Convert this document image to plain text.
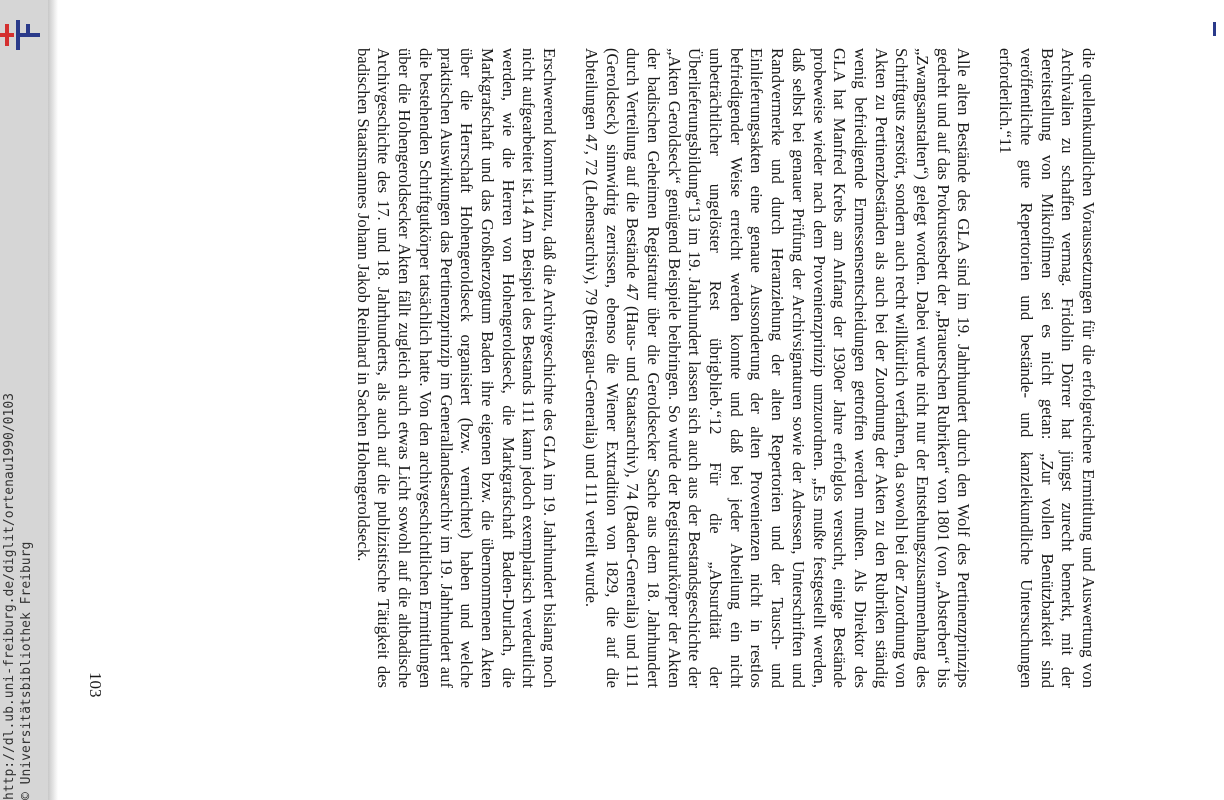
http://dl.ub.uni-freiburg.de/diglit/ortenau1990/0103 © Universitätsbibliothek Freiburg	die quellenkundlichen Voraussetzungen für die erfolgreichere Ermittlung und Auswertung von Archivalien zu schaffen vermag. Fridolin Dörrer hat jüngst zurecht bemerkt, mit der Bereitstellung von Mikrofilmen sei es nicht getan: „Zur vollen Benützbarkeit sind veröffentlichte gute Repertorien und bestände- und kanzleikundliche Untersuchungen erforderlich.“11

Alle alten Bestände des GLA sind im 19. Jahrhundert durch den Wolf des Pertinenzprinzips gedreht und auf das Prokrustesbett der „Brauerschen Rubriken“ von 1801 (von „Absterben“ bis „Zwangsanstalten“) gelegt worden. Dabei wurde nicht nur der Entstehungszusammenhang des Schriftguts zerstört, sondern auch recht willkürlich verfahren, da sowohl bei der Zuordnung von Akten zu Pertinenzbeständen als auch bei der Zuordnung der Akten zu den Rubriken ständig wenig befriedigende Ermessensentscheidungen getroffen werden mußten. Als Direktor des GLA hat Manfred Krebs am Anfang der 1930er Jahre erfolglos versucht, einige Bestände probeweise wieder nach dem Provenienzprinzip umzuordnen. „Es mußte festgestellt werden, daß selbst bei genauer Prüfung der Archivsignaturen sowie der Adressen, Unterschriften und Randvermerke und durch Heranziehung der alten Repertorien und der Tausch- und Einlieferungsakten eine genaue Aussonderung der alten Provenienzen nicht in restlos befriedigender Weise erreicht werden konnte und daß bei jeder Abteilung ein nicht unbeträchtlicher ungelöster Rest übrigblieb.“12 Für die „Absurdität der Überlieferungsbildung“13 im 19. Jahrhundert lassen sich auch aus der Bestandsgeschichte der „Akten Geroldseck“ genügend Beispiele beibringen. So wurde der Registraturkörper der Akten der badischen Geheimen Registratur über die Geroldsecker Sache aus dem 18. Jahrhundert durch Verteilung auf die Bestände 47 (Haus- und Staatsarchiv), 74 (Baden-Generalia) und 111 (Geroldseck) sinnwidrig zerrissen, ebenso die Wiener Extradition von 1829, die auf die Abteilungen 47, 72 (Lehensarchiv), 79 (Breisgau-Generalia) und 111 verteilt wurde.

Erschwerend kommt hinzu, daß die Archivgeschichte des GLA im 19. Jahrhundert bislang noch nicht aufgearbeitet ist.14 Am Beispiel des Bestands 111 kann jedoch exemplarisch verdeutlicht werden, wie die Herren von Hohengeroldseck, die Markgrafschaft Baden-Durlach, die Markgrafschaft und das Großherzogtum Baden ihre eigenen bzw. die übernommenen Akten über die Herrschaft Hohengeroldseck organisiert (bzw. vernichtet) haben und welche praktischen Auswirkungen das Pertinenzprinzip im Generallandesarchiv im 19. Jahrhundert auf die bestehenden Schriftgutkörper tatsächlich hatte. Von den archivgeschichtlichen Ermittlungen über die Hohengeroldsecker Akten fällt zugleich auch etwas Licht sowohl auf die altbadische Archivgeschichte des 17. und 18. Jahrhunderts, als auch auf die publizistische Tätigkeit des badischen Staatsmannes Johann Jakob Reinhard in Sachen Hohengeroldseck.

103
